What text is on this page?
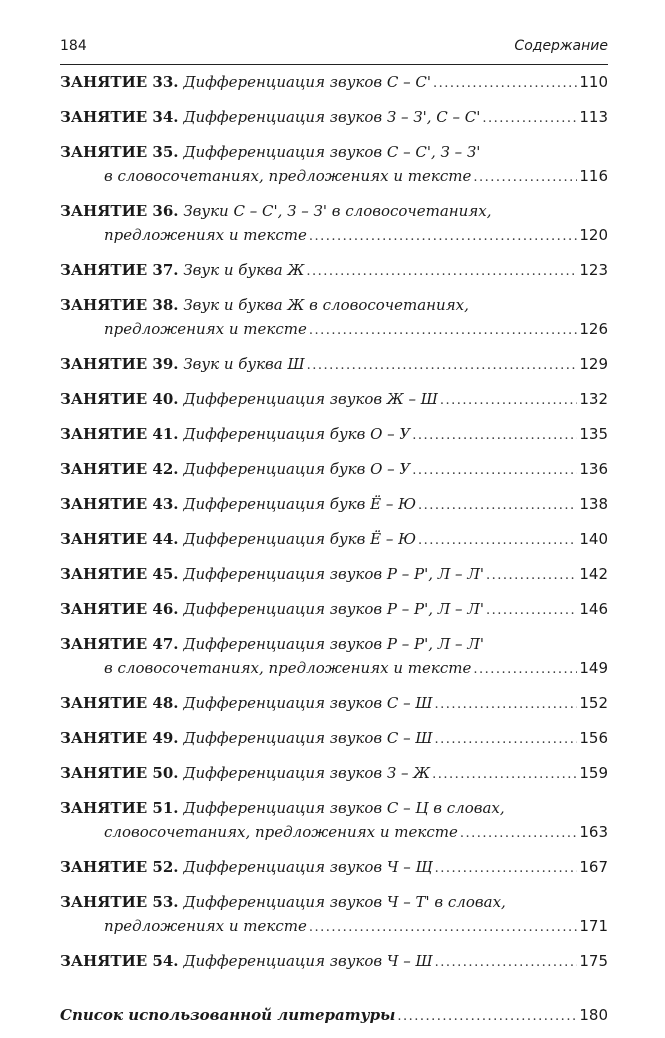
184	Содержание
ЗАНЯТИЕ 33.
Дифференциация звуков С – С' .....	110
ЗАНЯТИЕ 34.
Дифференциация звуков З – З', С – С' .....	113
ЗАНЯТИЕ 35.
Дифференциация звуков С – С', З – З'
в словосочетаниях, предложениях и тексте .....	116
ЗАНЯТИЕ 36.
Звуки С – С', З – З' в словосочетаниях,
предложениях и тексте .....	120
ЗАНЯТИЕ 37.
Звук и буква Ж .....	123
ЗАНЯТИЕ 38.
Звук и буква Ж в словосочетаниях,
предложениях и тексте .....	126
ЗАНЯТИЕ 39.
Звук и буква Ш .....	129
ЗАНЯТИЕ 40.
Дифференциация звуков Ж – Ш .....	132
ЗАНЯТИЕ 41.
Дифференциация букв О – У .....	135
ЗАНЯТИЕ 42.
Дифференциация букв О – У .....	136
ЗАНЯТИЕ 43.
Дифференциация букв Ё – Ю .....	138
ЗАНЯТИЕ 44.
Дифференциация букв Ё – Ю .....	140
ЗАНЯТИЕ 45.
Дифференциация звуков Р – Р', Л – Л' .....	142
ЗАНЯТИЕ 46.
Дифференциация звуков Р – Р', Л – Л' .....	146
ЗАНЯТИЕ 47.
Дифференциация звуков Р – Р', Л – Л'
в словосочетаниях, предложениях и тексте .....	149
ЗАНЯТИЕ 48.
Дифференциация звуков С – Ш .....	152
ЗАНЯТИЕ 49.
Дифференциация звуков С – Ш .....	156
ЗАНЯТИЕ 50.
Дифференциация звуков З – Ж .....	159
ЗАНЯТИЕ 51.
Дифференциация звуков С – Ц в словах,
словосочетаниях, предложениях и тексте .....	163
ЗАНЯТИЕ 52.
Дифференциация звуков Ч – Щ .....	167
ЗАНЯТИЕ 53.
Дифференциация звуков Ч – Т' в словах,
предложениях и тексте .....	171
ЗАНЯТИЕ 54.
Дифференциация звуков Ч – Ш .....	175
Список использованной литературы .....	180
